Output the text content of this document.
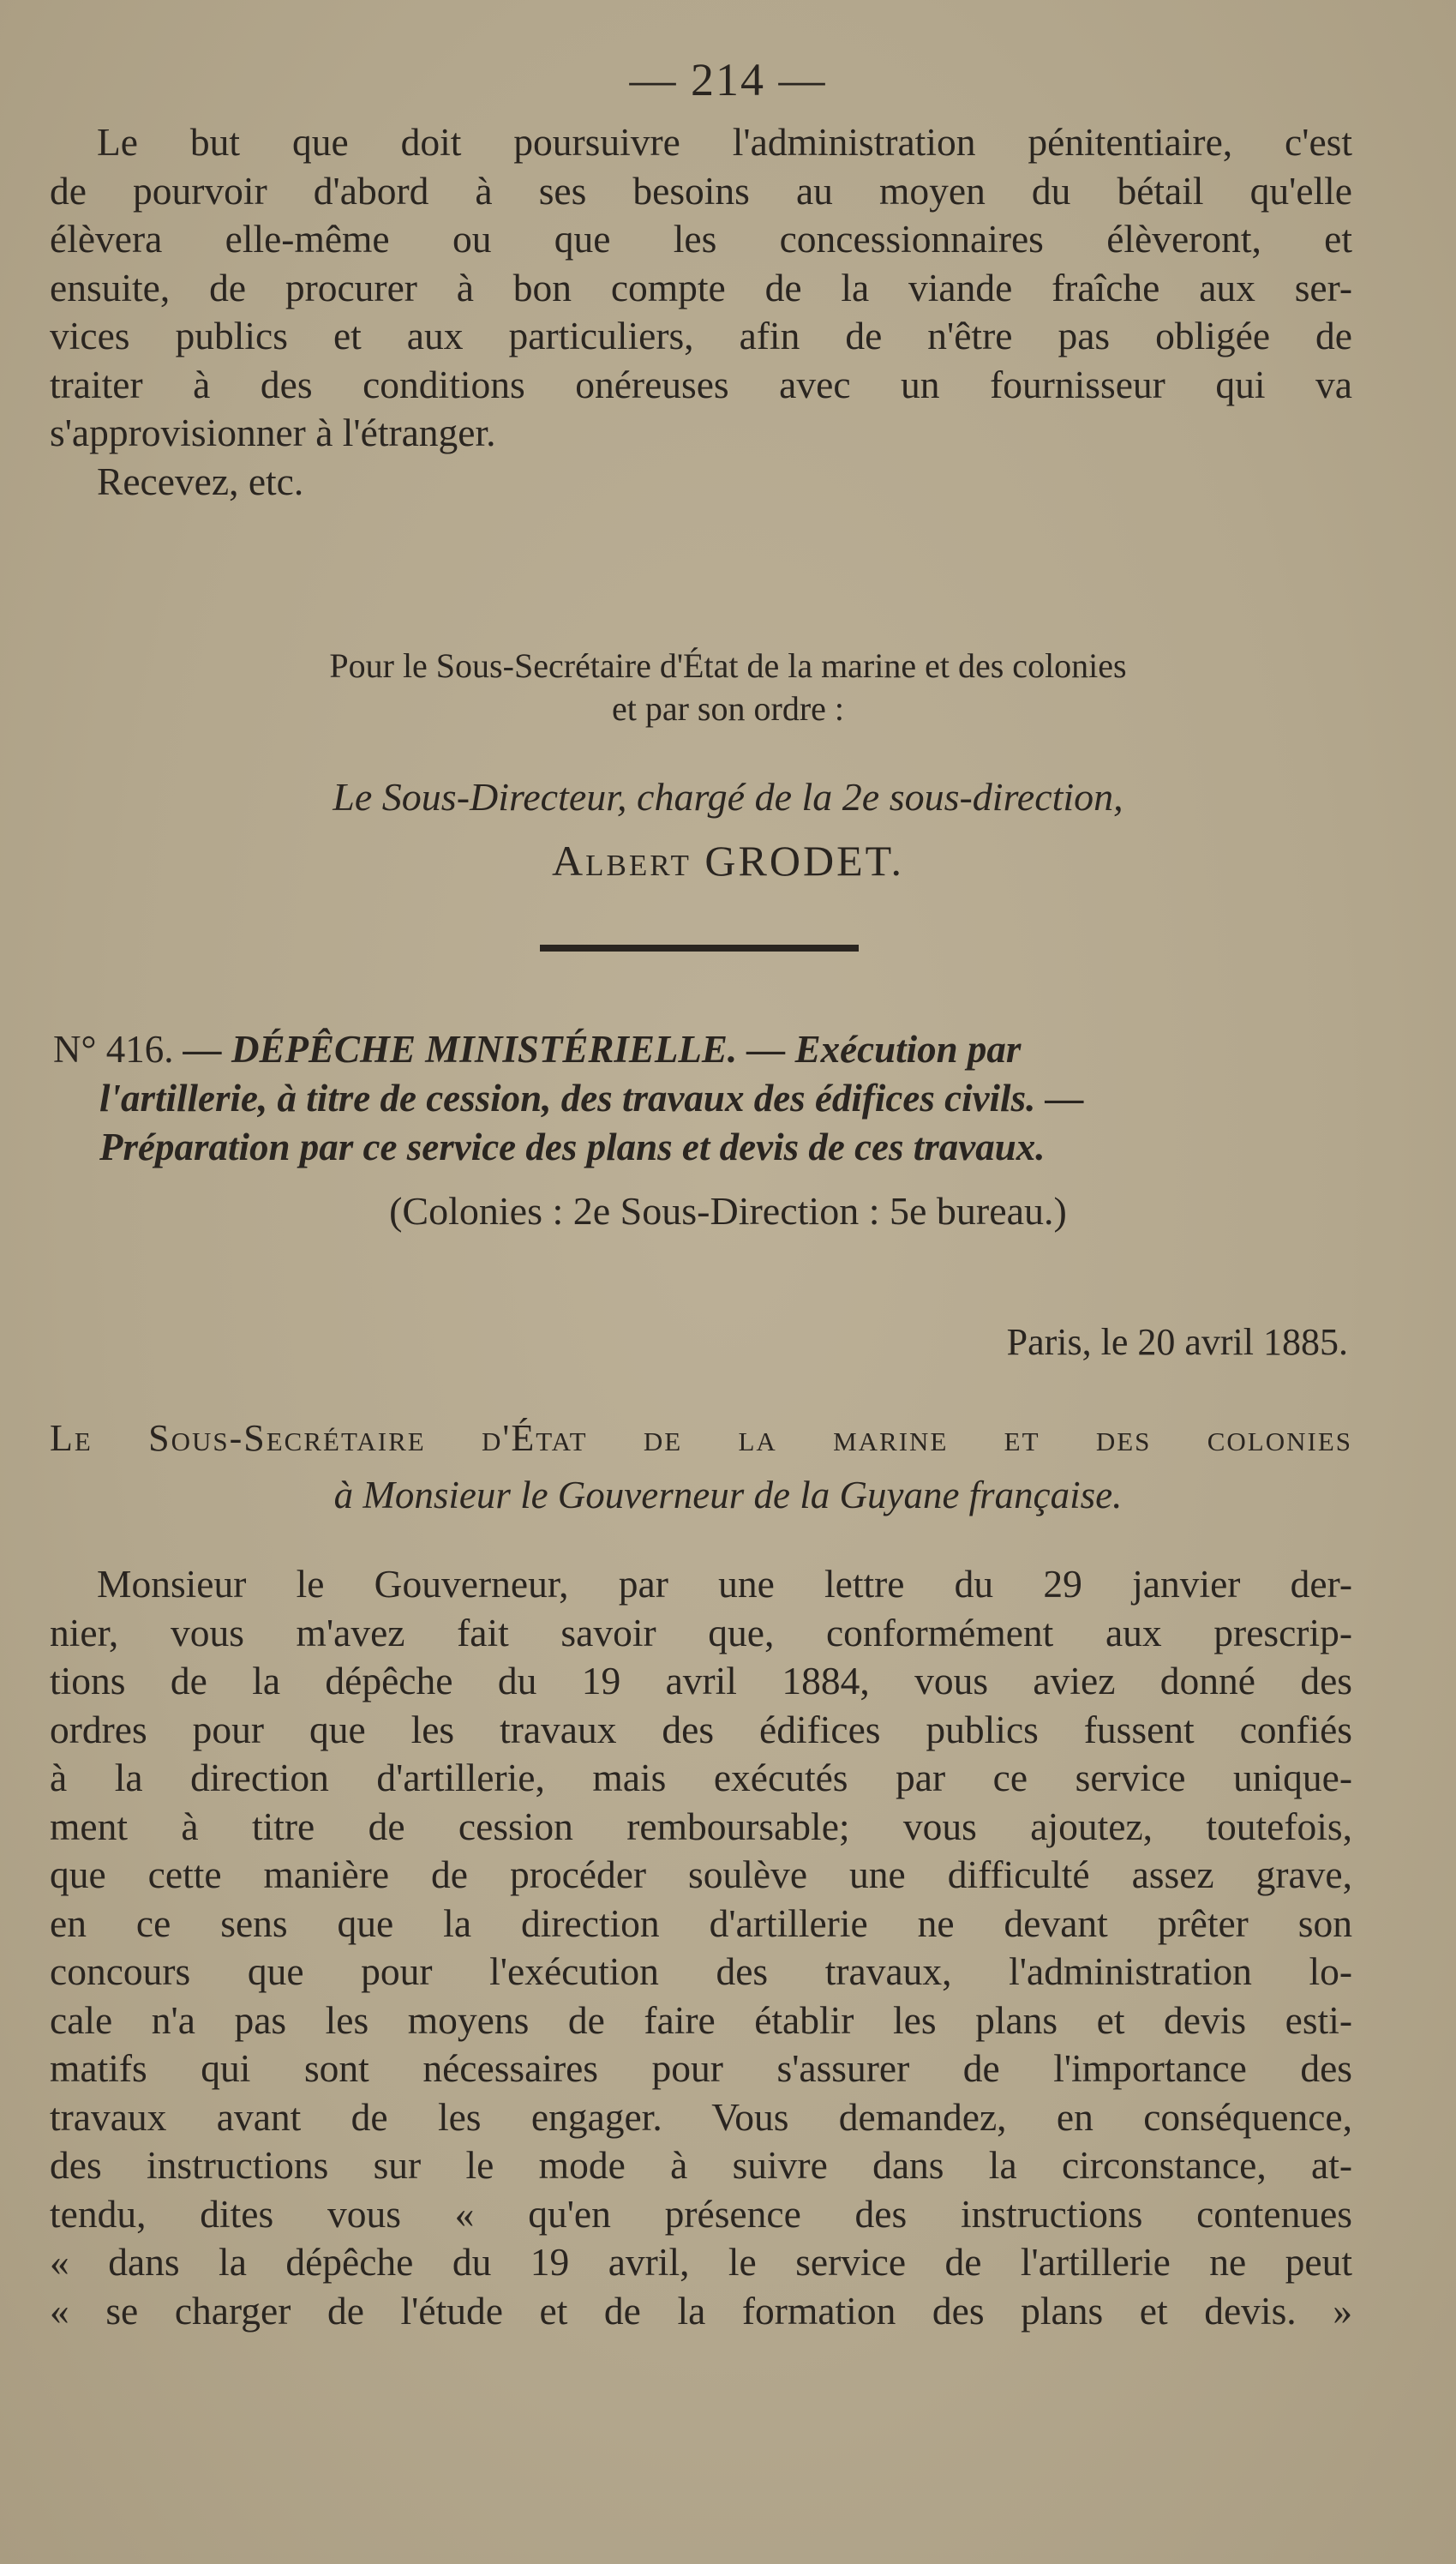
— 214 —
Le but que doit poursuivre l'administration pénitentiaire, c'est
de pourvoir d'abord à ses besoins au moyen du bétail qu'elle
élèvera elle-même ou que les concessionnaires élèveront, et
ensuite, de procurer à bon compte de la viande fraîche aux ser-
vices publics et aux particuliers, afin de n'être pas obligée de
traiter à des conditions onéreuses avec un fournisseur qui va
s'approvisionner à l'étranger.
Recevez, etc.
Pour le Sous-Secrétaire d'État de la marine et des colonies
et par son ordre :
Le Sous-Directeur, chargé de la 2e sous-direction,
Albert GRODET.
N° 416. — DÉPÊCHE MINISTÉRIELLE. — Exécution par
l'artillerie, à titre de cession, des travaux des édifices civils. —
Préparation par ce service des plans et devis de ces travaux.
(Colonies : 2e Sous-Direction : 5e bureau.)
Paris, le 20 avril 1885.
Le Sous-Secrétaire d'État de la marine et des colonies
à Monsieur le Gouverneur de la Guyane française.
Monsieur le Gouverneur, par une lettre du 29 janvier der-
nier, vous m'avez fait savoir que, conformément aux prescrip-
tions de la dépêche du 19 avril 1884, vous aviez donné des
ordres pour que les travaux des édifices publics fussent confiés
à la direction d'artillerie, mais exécutés par ce service unique-
ment à titre de cession remboursable; vous ajoutez, toutefois,
que cette manière de procéder soulève une difficulté assez grave,
en ce sens que la direction d'artillerie ne devant prêter son
concours que pour l'exécution des travaux, l'administration lo-
cale n'a pas les moyens de faire établir les plans et devis esti-
matifs qui sont nécessaires pour s'assurer de l'importance des
travaux avant de les engager. Vous demandez, en conséquence,
des instructions sur le mode à suivre dans la circonstance, at-
tendu, dites vous « qu'en présence des instructions contenues
« dans la dépêche du 19 avril, le service de l'artillerie ne peut
« se charger de l'étude et de la formation des plans et devis. »
